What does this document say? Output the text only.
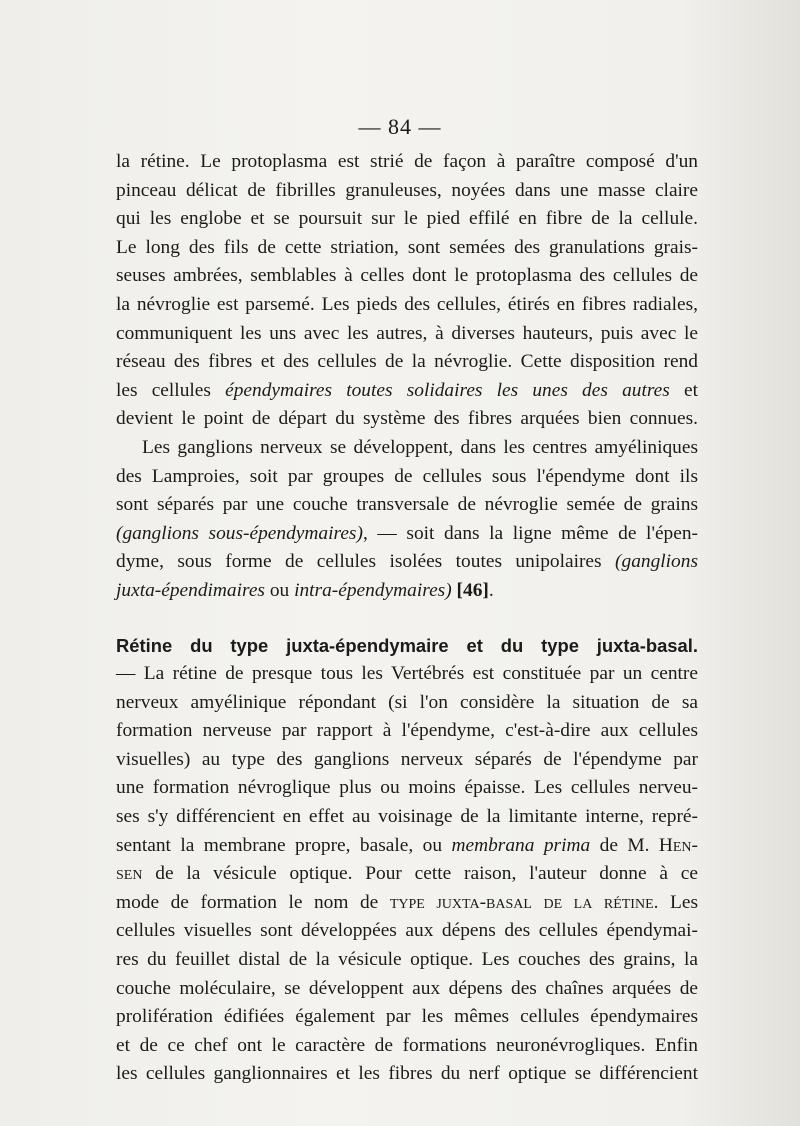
— 84 —
la rétine. Le protoplasma est strié de façon à paraître composé d'un
pinceau délicat de fibrilles granuleuses, noyées dans une masse claire
qui les englobe et se poursuit sur le pied effilé en fibre de la cellule.
Le long des fils de cette striation, sont semées des granulations grais-
seuses ambrées, semblables à celles dont le protoplasma des cellules de
la névroglie est parsemé. Les pieds des cellules, étirés en fibres radiales,
communiquent les uns avec les autres, à diverses hauteurs, puis avec le
réseau des fibres et des cellules de la névroglie. Cette disposition rend
les cellules épendymaires toutes solidaires les unes des autres et
devient le point de départ du système des fibres arquées bien connues.
Les ganglions nerveux se développent, dans les centres amyéliniques
des Lamproies, soit par groupes de cellules sous l'épendyme dont ils
sont séparés par une couche transversale de névroglie semée de grains
(ganglions sous-épendymaires), — soit dans la ligne même de l'épen-
dyme, sous forme de cellules isolées toutes unipolaires (ganglions
juxta-épendimaires ou intra-épendymaires) [46].
Rétine du type juxta-épendymaire et du type juxta-basal.
— La rétine de presque tous les Vertébrés est constituée par un centre
nerveux amyélinique répondant (si l'on considère la situation de sa
formation nerveuse par rapport à l'épendyme, c'est-à-dire aux cellules
visuelles) au type des ganglions nerveux séparés de l'épendyme par
une formation névroglique plus ou moins épaisse. Les cellules nerveu-
ses s'y différencient en effet au voisinage de la limitante interne, repré-
sentant la membrane propre, basale, ou membrana prima de M. Hen-
sen de la vésicule optique. Pour cette raison, l'auteur donne à ce
mode de formation le nom de type juxta-basal de la rétine. Les
cellules visuelles sont développées aux dépens des cellules épendymai-
res du feuillet distal de la vésicule optique. Les couches des grains, la
couche moléculaire, se développent aux dépens des chaînes arquées de
prolifération édifiées également par les mêmes cellules épendymaires
et de ce chef ont le caractère de formations neuronévrogliques. Enfin
les cellules ganglionnaires et les fibres du nerf optique se différencient
